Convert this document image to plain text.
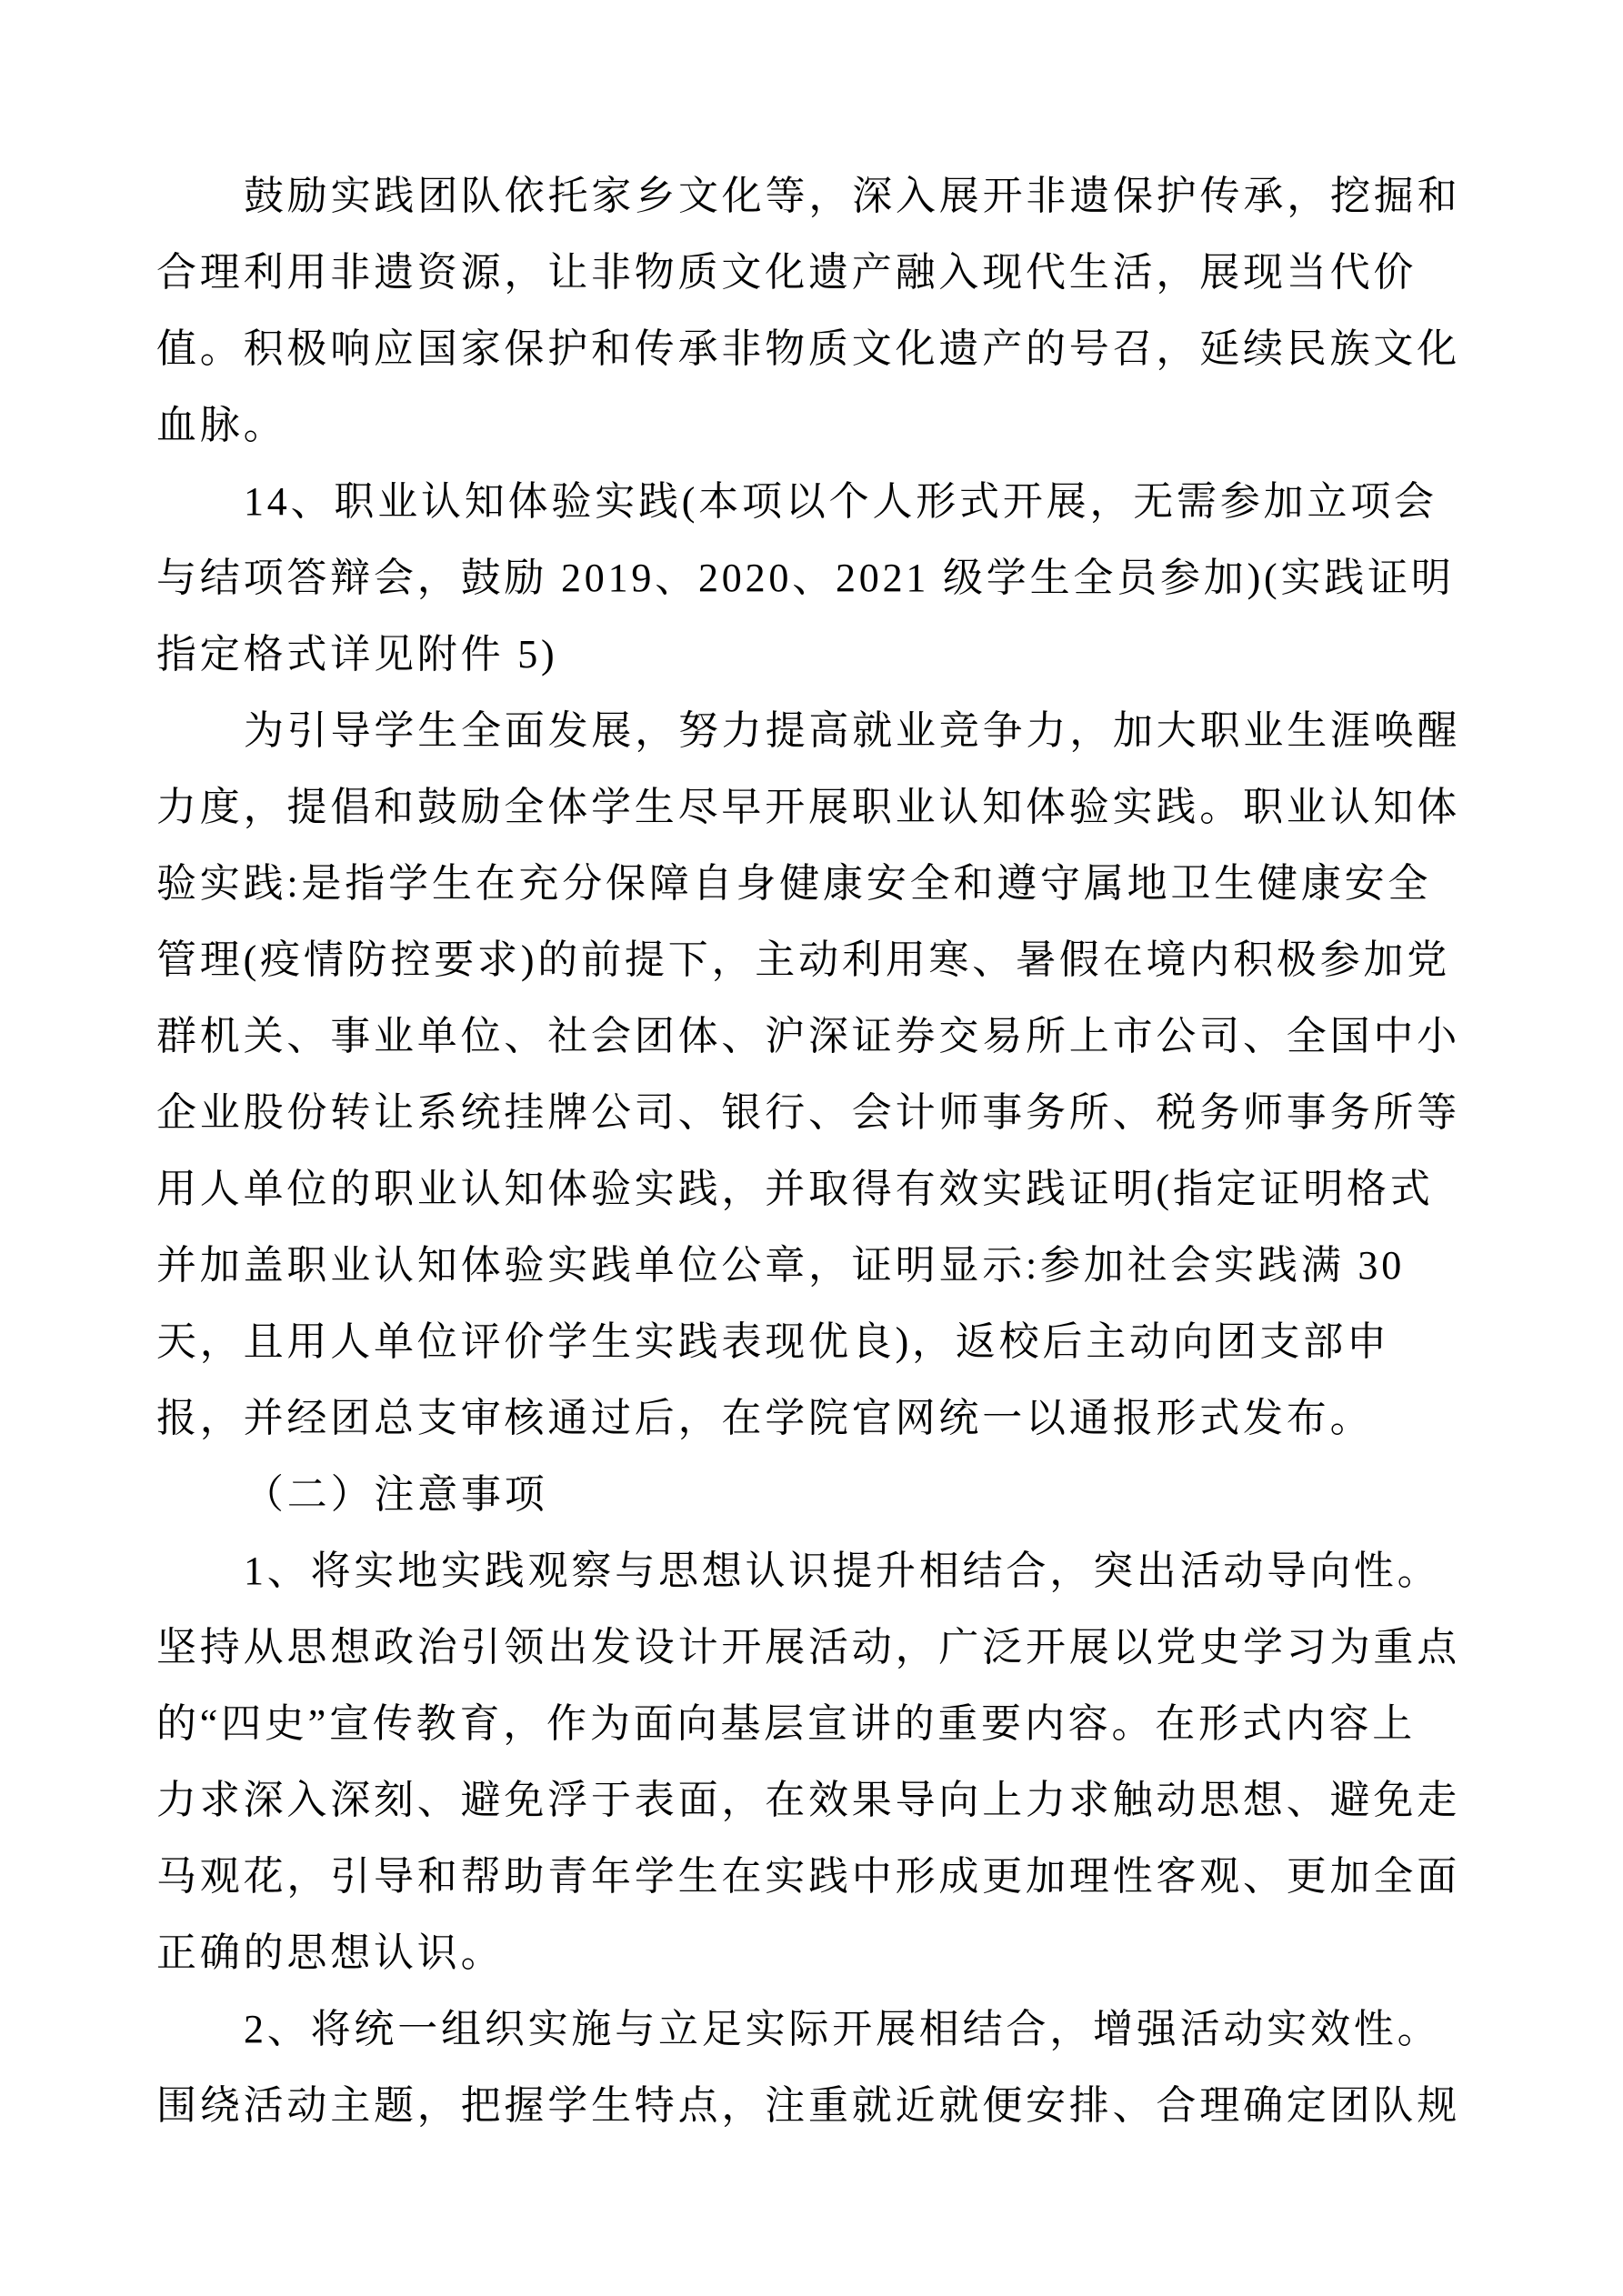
鼓励实践团队依托家乡文化等，深入展开非遗保护传承，挖掘和
合理利用非遗资源，让非物质文化遗产融入现代生活，展现当代价
值。积极响应国家保护和传承非物质文化遗产的号召，延续民族文化
血脉。
14、职业认知体验实践(本项以个人形式开展，无需参加立项会
与结项答辩会，鼓励 2019、2020、2021 级学生全员参加)(实践证明
指定格式详见附件 5)
为引导学生全面发展，努力提高就业竞争力，加大职业生涯唤醒
力度，提倡和鼓励全体学生尽早开展职业认知体验实践。职业认知体
验实践:是指学生在充分保障自身健康安全和遵守属地卫生健康安全
管理(疫情防控要求)的前提下，主动利用寒、暑假在境内积极参加党
群机关、事业单位、社会团体、沪深证券交易所上市公司、全国中小
企业股份转让系统挂牌公司、银行、会计师事务所、税务师事务所等
用人单位的职业认知体验实践，并取得有效实践证明(指定证明格式
并加盖职业认知体验实践单位公章，证明显示:参加社会实践满 30
天，且用人单位评价学生实践表现优良)，返校后主动向团支部申
报，并经团总支审核通过后，在学院官网统一以通报形式发布。
（二）注意事项
1、将实地实践观察与思想认识提升相结合，突出活动导向性。
坚持从思想政治引领出发设计开展活动，广泛开展以党史学习为重点
的“四史”宣传教育，作为面向基层宣讲的重要内容。在形式内容上
力求深入深刻、避免浮于表面，在效果导向上力求触动思想、避免走
马观花，引导和帮助青年学生在实践中形成更加理性客观、更加全面
正确的思想认识。
2、将统一组织实施与立足实际开展相结合，增强活动实效性。
围绕活动主题，把握学生特点，注重就近就便安排、合理确定团队规
